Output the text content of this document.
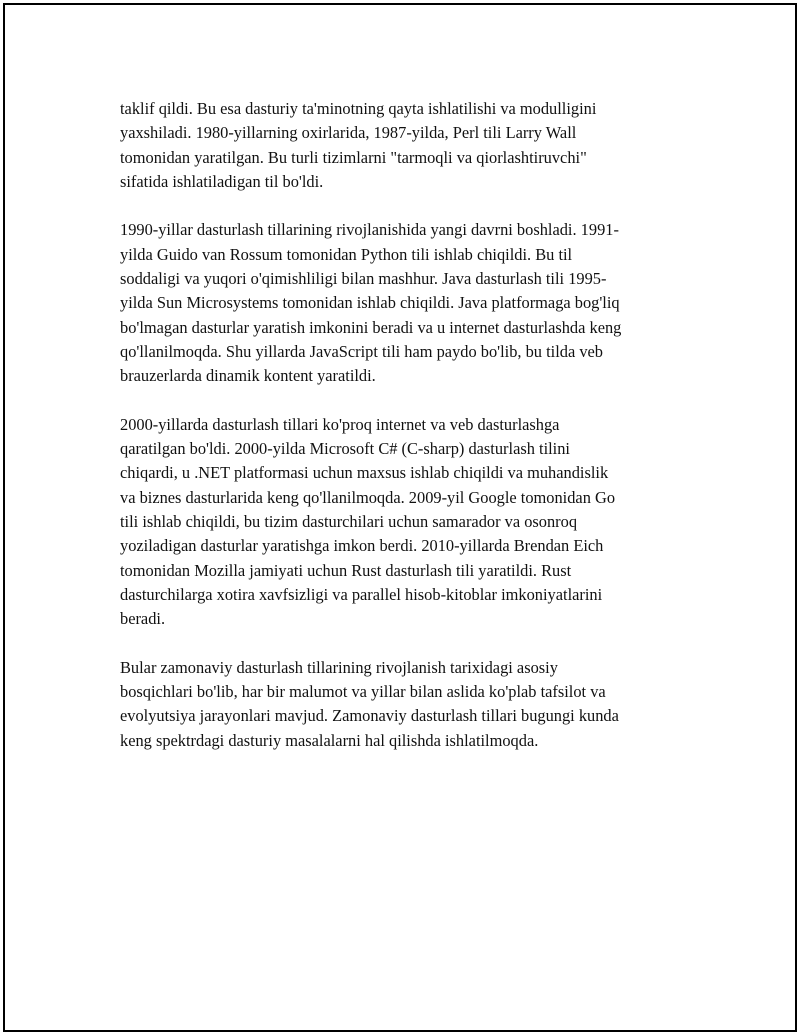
taklif qildi. Bu esa dasturiy ta'minotning qayta ishlatilishi va modulligini
yaxshiladi. 1980-yillarning oxirlarida, 1987-yilda, Perl tili Larry Wall
tomonidan yaratilgan. Bu turli tizimlarni "tarmoqli va qiorlashtiruvchi"
sifatida ishlatiladigan til bo'ldi.

1990-yillar dasturlash tillarining rivojlanishida yangi davrni boshladi. 1991-
yilda Guido van Rossum tomonidan Python tili ishlab chiqildi. Bu til
soddaligi va yuqori o'qimishliligi bilan mashhur. Java dasturlash tili 1995-
yilda Sun Microsystems tomonidan ishlab chiqildi. Java platformaga bog'liq
bo'lmagan dasturlar yaratish imkonini beradi va u internet dasturlashda keng
qo'llanilmoqda. Shu yillarda JavaScript tili ham paydo bo'lib, bu tilda veb
brauzerlarda dinamik kontent yaratildi.

2000-yillarda dasturlash tillari ko'proq internet va veb dasturlashga
qaratilgan bo'ldi. 2000-yilda Microsoft C# (C-sharp) dasturlash tilini
chiqardi, u .NET platformasi uchun maxsus ishlab chiqildi va muhandislik
va biznes dasturlarida keng qo'llanilmoqda. 2009-yil Google tomonidan Go
tili ishlab chiqildi, bu tizim dasturchilari uchun samarador va osonroq
yoziladigan dasturlar yaratishga imkon berdi. 2010-yillarda Brendan Eich
tomonidan Mozilla jamiyati uchun Rust dasturlash tili yaratildi. Rust
dasturchilarga xotira xavfsizligi va parallel hisob-kitoblar imkoniyatlarini
beradi.

Bular zamonaviy dasturlash tillarining rivojlanish tarixidagi asosiy
bosqichlari bo'lib, har bir malumot va yillar bilan aslida ko'plab tafsilot va
evolyutsiya jarayonlari mavjud. Zamonaviy dasturlash tillari bugungi kunda
keng spektrdagi dasturiy masalalarni hal qilishda ishlatilmoqda.
